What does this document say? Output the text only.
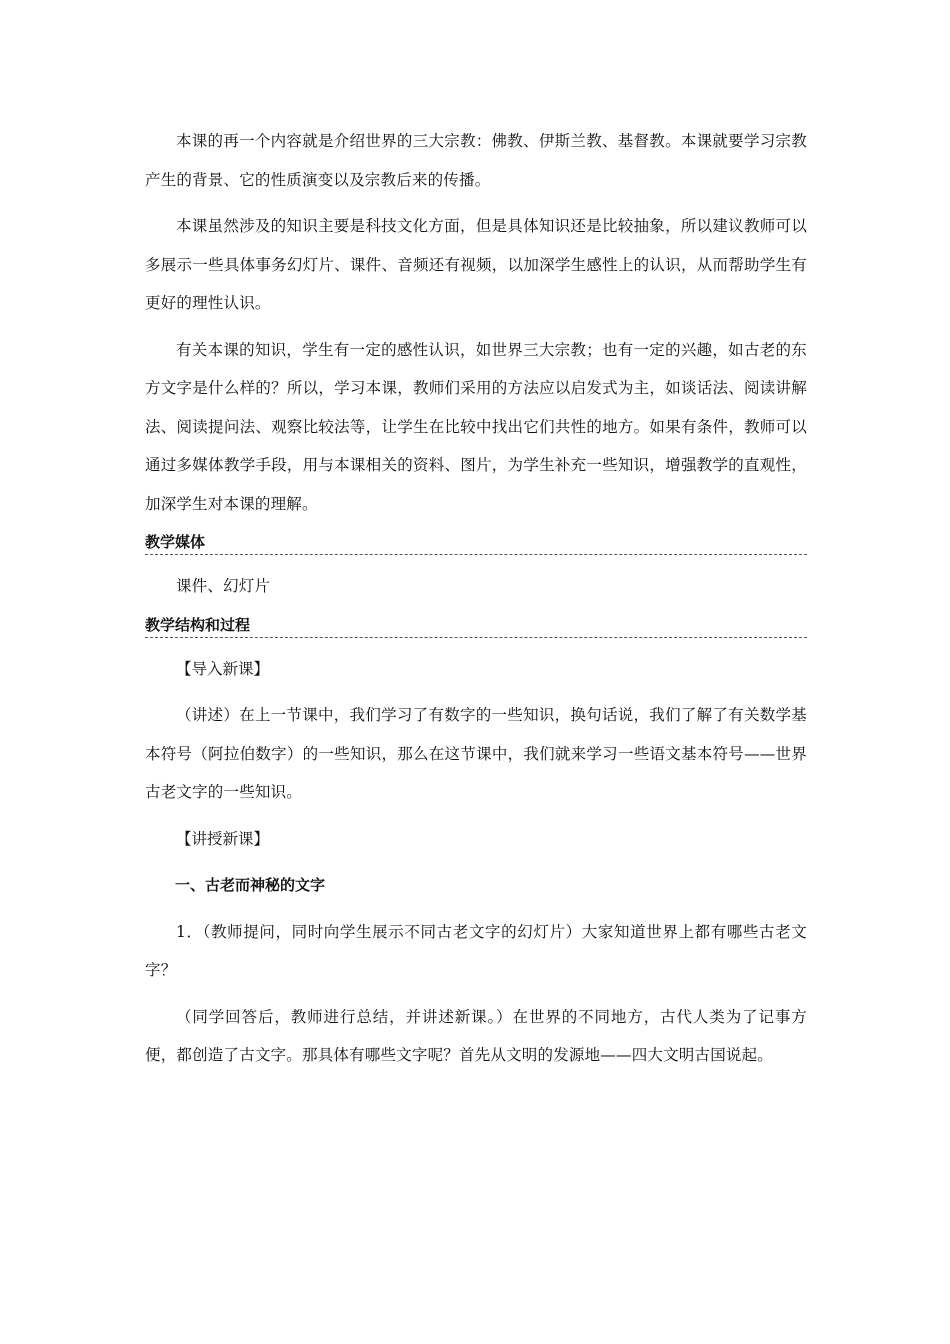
本课的再一个内容就是介绍世界的三大宗教：佛教、伊斯兰教、基督教。本课就要学习宗教产生的背景、它的性质演变以及宗教后来的传播。

本课虽然涉及的知识主要是科技文化方面，但是具体知识还是比较抽象，所以建议教师可以多展示一些具体事务幻灯片、课件、音频还有视频，以加深学生感性上的认识，从而帮助学生有更好的理性认识。

有关本课的知识，学生有一定的感性认识，如世界三大宗教；也有一定的兴趣，如古老的东方文字是什么样的？所以，学习本课，教师们采用的方法应以启发式为主，如谈话法、阅读讲解法、阅读提问法、观察比较法等，让学生在比较中找出它们共性的地方。如果有条件，教师可以通过多媒体教学手段，用与本课相关的资料、图片，为学生补充一些知识，增强教学的直观性，加深学生对本课的理解。

教学媒体

课件、幻灯片

教学结构和过程

【导入新课】

（讲述）在上一节课中，我们学习了有数字的一些知识，换句话说，我们了解了有关数学基本符号（阿拉伯数字）的一些知识，那么在这节课中，我们就来学习一些语文基本符号——世界古老文字的一些知识。

【讲授新课】

一、古老而神秘的文字

1．（教师提问，同时向学生展示不同古老文字的幻灯片）大家知道世界上都有哪些古老文字？

（同学回答后，教师进行总结，并讲述新课。）在世界的不同地方，古代人类为了记事方便，都创造了古文字。那具体有哪些文字呢？首先从文明的发源地——四大文明古国说起。
